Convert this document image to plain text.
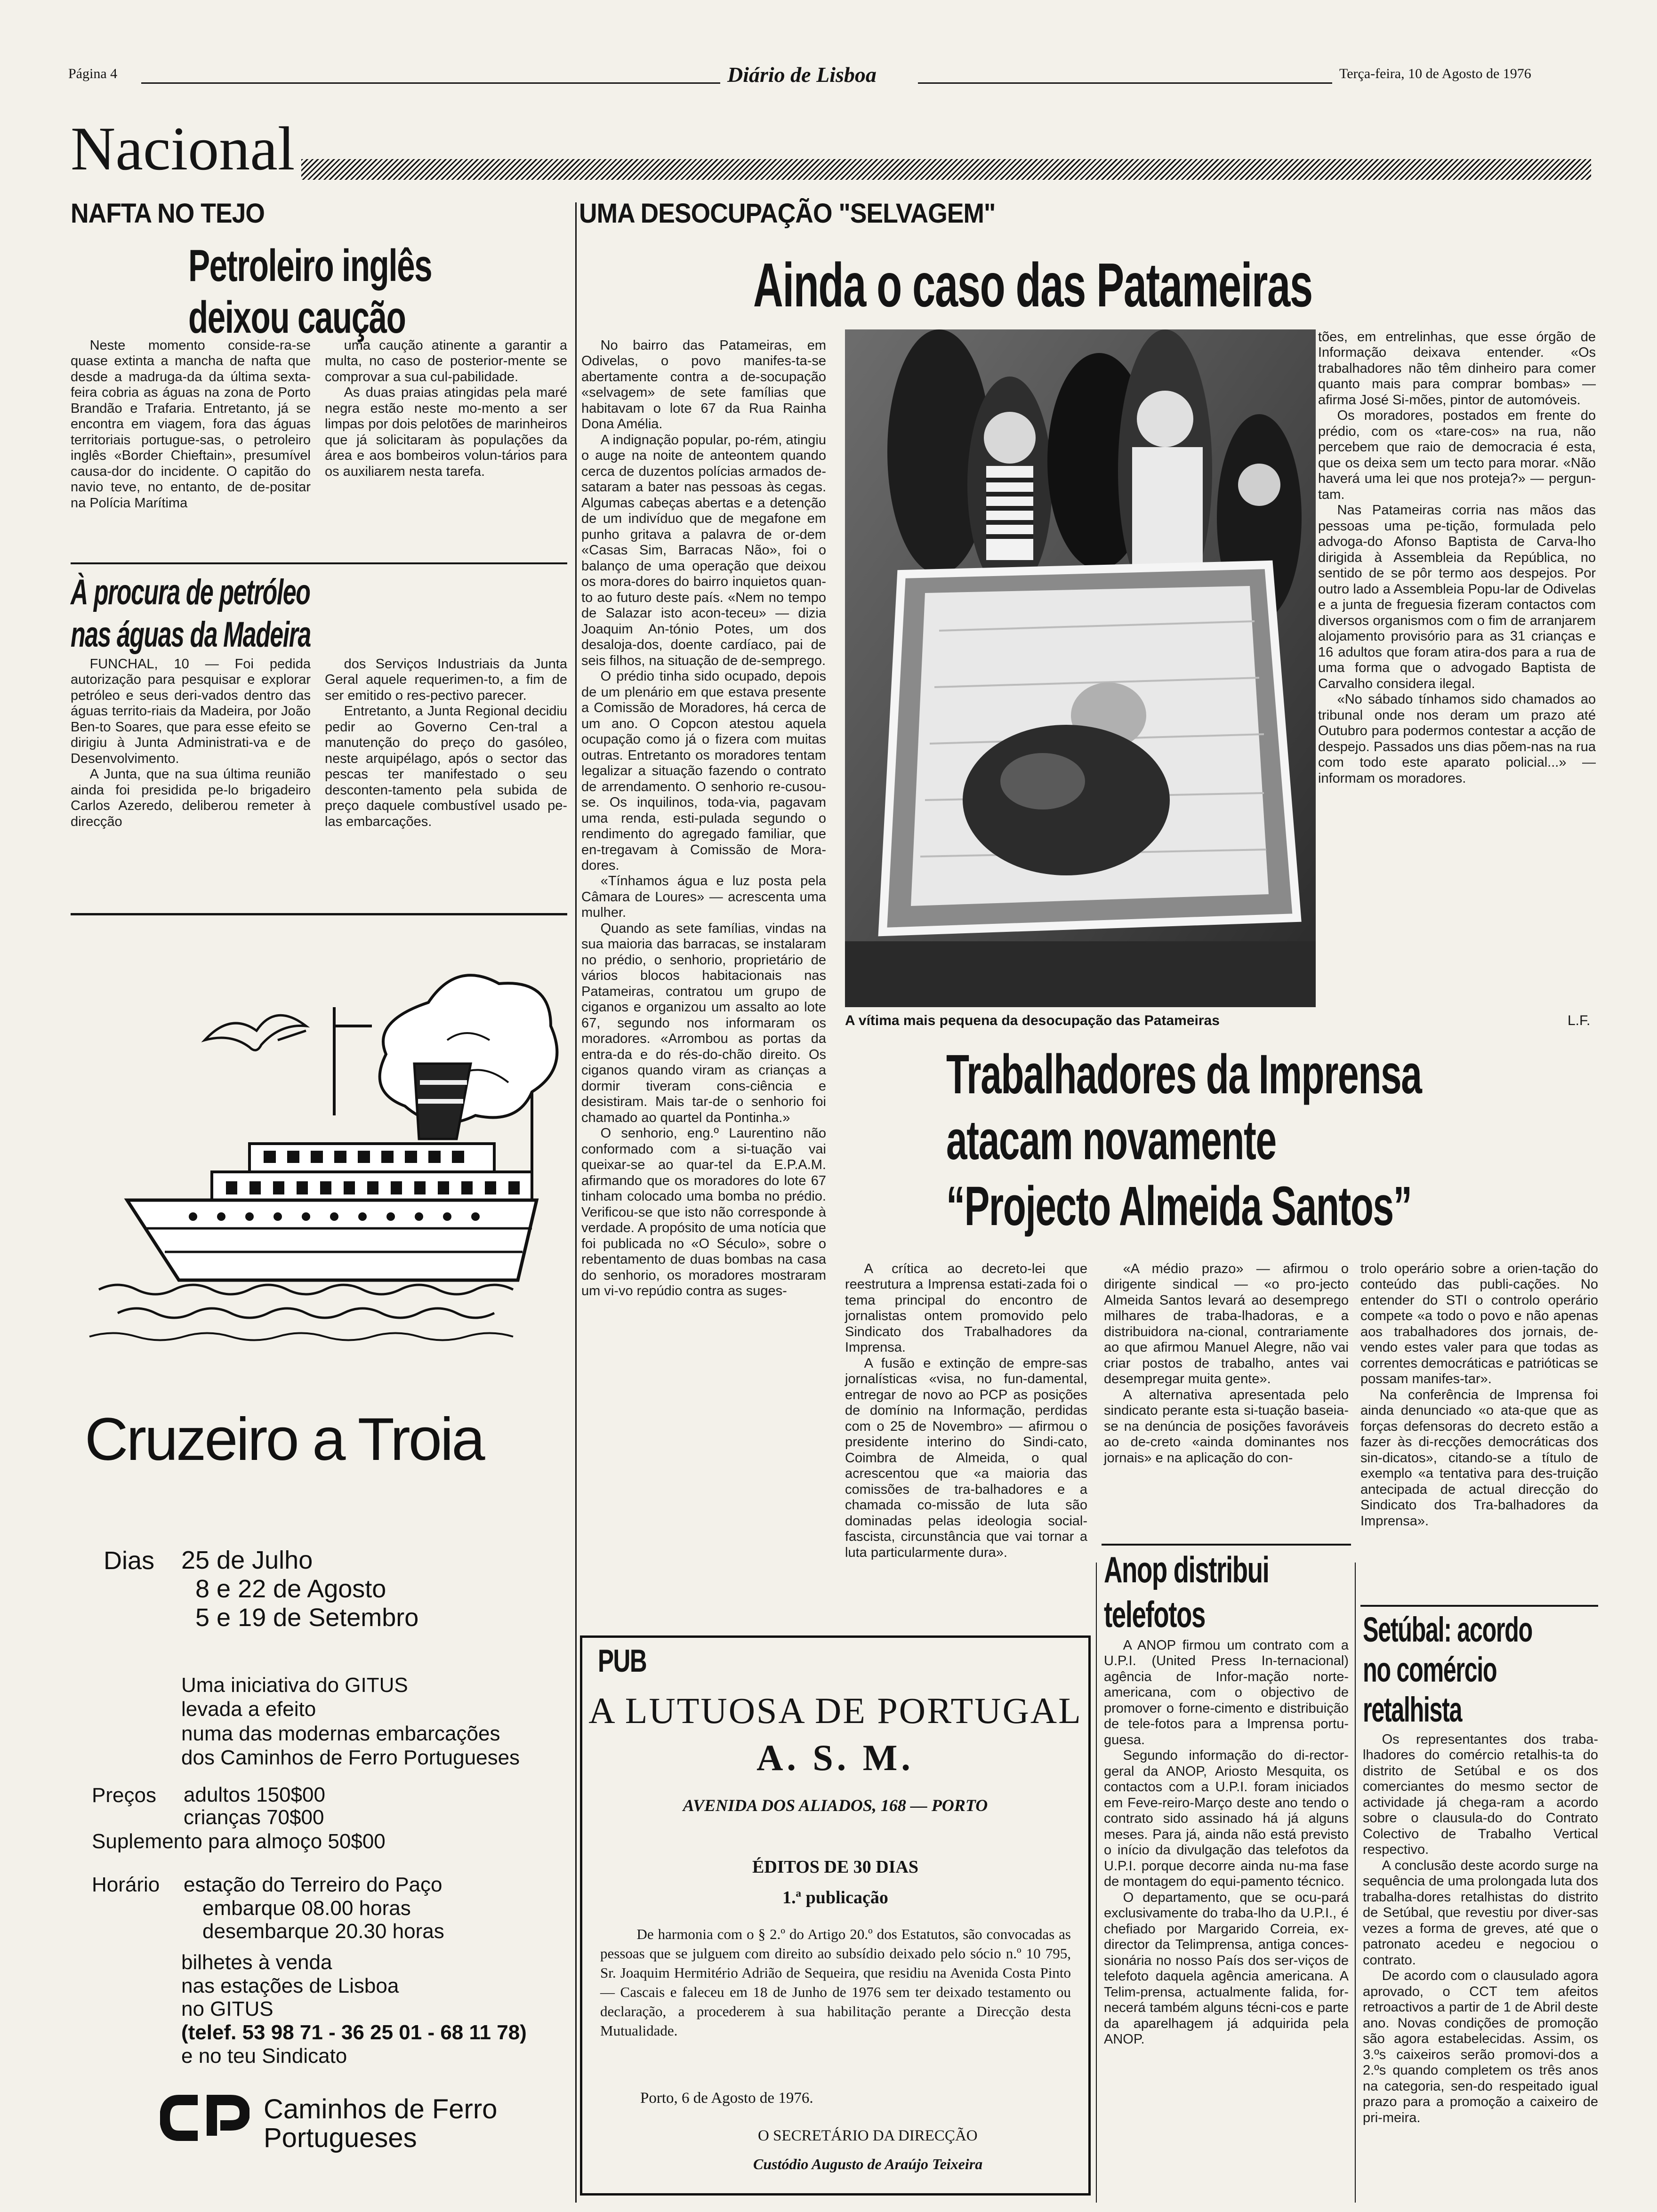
Página 4	Diário de Lisboa	Terça-feira, 10 de Agosto de 1976
Nacional
NAFTA NO TEJO
Petroleiro inglês
deixou caução

Neste momento conside-ra-se quase extinta a mancha de nafta que desde a madruga-da da última sexta-feira cobria as águas na zona de Porto Brandão e Trafaria. Entretanto, já se encontra em viagem, fora das águas territoriais portugue-sas, o petroleiro inglês «Border Chieftain», presumível causa-dor do incidente. O capitão do navio teve, no entanto, de de-positar na Polícia Marítima

uma caução atinente a garantir a multa, no caso de posterior-mente se comprovar a sua cul-pabilidade.

As duas praias atingidas pela maré negra estão neste mo-mento a ser limpas por dois pelotões de marinheiros que já solicitaram às populações da área e aos bombeiros volun-tários para os auxiliarem nesta tarefa.

À procura de petróleo
nas águas da Madeira

FUNCHAL, 10 — Foi pedida autorização para pesquisar e explorar petróleo e seus deri-vados dentro das águas territo-riais da Madeira, por João Ben-to Soares, que para esse efeito se dirigiu à Junta Administrati-va e de Desenvolvimento.

A Junta, que na sua última reunião ainda foi presidida pe-lo brigadeiro Carlos Azeredo, deliberou remeter à direcção

dos Serviços Industriais da Junta Geral aquele requerimen-to, a fim de ser emitido o res-pectivo parecer.

Entretanto, a Junta Regional decidiu pedir ao Governo Cen-tral a manutenção do preço do gasóleo, neste arquipélago, após o sector das pescas ter manifestado o seu desconten-tamento pela subida de preço daquele combustível usado pe-las embarcações.

Cruzeiro a Troia
Dias 25 de Julho
8 e 22 de Agosto
5 e 19 de Setembro
Uma iniciativa do GITUS
levada a efeito
numa das modernas embarcações
dos Caminhos de Ferro Portugueses
Preços adultos 150$00
crianças 70$00
Suplemento para almoço 50$00
Horário estação do Terreiro do Paço
embarque 08.00 horas
desembarque 20.30 horas
bilhetes à venda
nas estações de Lisboa
no GITUS
(telef. 53 98 71 - 36 25 01 - 68 11 78)
e no teu Sindicato
cp Caminhos de Ferro
Portugueses
UMA DESOCUPAÇÃO "SELVAGEM"
Ainda o caso das Patameiras

No bairro das Patameiras, em Odivelas, o povo manifes-ta-se abertamente contra a de-socupação «selvagem» de sete famílias que habitavam o lote 67 da Rua Rainha Dona Amélia.

A indignação popular, po-rém, atingiu o auge na noite de anteontem quando cerca de duzentos polícias armados de-sataram a bater nas pessoas às cegas. Algumas cabeças abertas e a detenção de um indivíduo que de megafone em punho gritava a palavra de or-dem «Casas Sim, Barracas Não», foi o balanço de uma operação que deixou os mora-dores do bairro inquietos quan-to ao futuro deste país. «Nem no tempo de Salazar isto acon-teceu» — dizia Joaquim An-tónio Potes, um dos desaloja-dos, doente cardíaco, pai de seis filhos, na situação de de-semprego.

O prédio tinha sido ocupado, depois de um plenário em que estava presente a Comissão de Moradores, há cerca de um ano. O Copcon atestou aquela ocupação como já o fizera com muitas outras. Entretanto os moradores tentam legalizar a situação fazendo o contrato de arrendamento. O senhorio re-cusou-se. Os inquilinos, toda-via, pagavam uma renda, esti-pulada segundo o rendimento do agregado familiar, que en-tregavam à Comissão de Mora-dores.

«Tínhamos água e luz posta pela Câmara de Loures» — acrescenta uma mulher.

Quando as sete famílias, vindas na sua maioria das barracas, se instalaram no prédio, o senhorio, proprietário de vários blocos habitacionais nas Patameiras, contratou um grupo de ciganos e organizou um assalto ao lote 67, segundo nos informaram os moradores. «Arrombou as portas da entra-da e do rés-do-chão direito. Os ciganos quando viram as crianças a dormir tiveram cons-ciência e desistiram. Mais tar-de o senhorio foi chamado ao quartel da Pontinha.»

O senhorio, eng.º Laurentino não conformado com a si-tuação vai queixar-se ao quar-tel da E.P.A.M. afirmando que os moradores do lote 67 tinham colocado uma bomba no prédio. Verificou-se que isto não corresponde à verdade. A propósito de uma notícia que foi publicada no «O Século», sobre o rebentamento de duas bombas na casa do senhorio, os moradores mostraram um vi-vo repúdio contra as suges-

tões, em entrelinhas, que esse órgão de Informação deixava entender. «Os trabalhadores não têm dinheiro para comer quanto mais para comprar bombas» — afirma José Si-mões, pintor de automóveis.

Os moradores, postados em frente do prédio, com os «tare-cos» na rua, não percebem que raio de democracia é esta, que os deixa sem um tecto para morar. «Não haverá uma lei que nos proteja?» — pergun-tam.

Nas Patameiras corria nas mãos das pessoas uma pe-tição, formulada pelo advoga-do Afonso Baptista de Carva-lho dirigida à Assembleia da República, no sentido de se pôr termo aos despejos. Por outro lado a Assembleia Popu-lar de Odivelas e a junta de freguesia fizeram contactos com diversos organismos com o fim de arranjarem alojamento provisório para as 31 crianças e 16 adultos que foram atira-dos para a rua de uma forma que o advogado Baptista de Carvalho considera ilegal.

«No sábado tínhamos sido chamados ao tribunal onde nos deram um prazo até Outubro para podermos contestar a acção de despejo. Passados uns dias põem-nas na rua com todo este aparato policial...» — informam os moradores.

A vítima mais pequena da desocupação das Patameiras	L.F.
Trabalhadores da Imprensa
atacam novamente
“Projecto Almeida Santos”

A crítica ao decreto-lei que reestrutura a Imprensa estati-zada foi o tema principal do encontro de jornalistas ontem promovido pelo Sindicato dos Trabalhadores da Imprensa.

A fusão e extinção de empre-sas jornalísticas «visa, no fun-damental, entregar de novo ao PCP as posições de domínio na Informação, perdidas com o 25 de Novembro» — afirmou o presidente interino do Sindi-cato, Coimbra de Almeida, o qual acrescentou que «a maioria das comissões de tra-balhadores e a chamada co-missão de luta são dominadas pelas ideologia social-fascista, circunstância que vai tornar a luta particularmente dura».

«A médio prazo» — afirmou o dirigente sindical — «o pro-jecto Almeida Santos levará ao desemprego milhares de traba-lhadoras, e a distribuidora na-cional, contrariamente ao que afirmou Manuel Alegre, não vai criar postos de trabalho, antes vai desempregar muita gente».

A alternativa apresentada pelo sindicato perante esta si-tuação baseia-se na denúncia de posições favoráveis ao de-creto «ainda dominantes nos jornais» e na aplicação do con-

trolo operário sobre a orien-tação do conteúdo das publi-cações. No entender do STI o controlo operário compete «a todo o povo e não apenas aos trabalhadores dos jornais, de-vendo estes valer para que todas as correntes democráticas e patrióticas se possam manifes-tar».

Na conferência de Imprensa foi ainda denunciado «o ata-que que as forças defensoras do decreto estão a fazer às di-recções democráticas dos sin-dicatos», citando-se a título de exemplo «a tentativa para des-truição antecipada de actual direcção do Sindicato dos Tra-balhadores da Imprensa».

Anop distribui
telefotos

A ANOP firmou um contrato com a U.P.I. (United Press In-ternacional) agência de Infor-mação norte-americana, com o objectivo de promover o forne-cimento e distribuição de tele-fotos para a Imprensa portu-guesa.

Segundo informação do di-rector-geral da ANOP, Ariosto Mesquita, os contactos com a U.P.I. foram iniciados em Feve-reiro-Março deste ano tendo o contrato sido assinado há já alguns meses. Para já, ainda não está previsto o início da divulgação das telefotos da U.P.I. porque decorre ainda nu-ma fase de montagem do equi-pamento técnico.

O departamento, que se ocu-pará exclusivamente do traba-lho da U.P.I., é chefiado por Margarido Correia, ex-director da Telimprensa, antiga conces-sionária no nosso País dos ser-viços de telefoto daquela agência americana. A Telim-prensa, actualmente falida, for-necerá também alguns técni-cos e parte da aparelhagem já adquirida pela ANOP.

Setúbal: acordo
no comércio
retalhista

Os representantes dos traba-lhadores do comércio retalhis-ta do distrito de Setúbal e os dos comerciantes do mesmo sector de actividade já chega-ram a acordo sobre o clausula-do do Contrato Colectivo de Trabalho Vertical respectivo.

A conclusão deste acordo surge na sequência de uma prolongada luta dos trabalha-dores retalhistas do distrito de Setúbal, que revestiu por diver-sas vezes a forma de greves, até que o patronato acedeu e negociou o contrato.

De acordo com o clausulado agora aprovado, o CCT tem afeitos retroactivos a partir de 1 de Abril deste ano. Novas condições de promoção são agora estabelecidas. Assim, os 3.ºs caixeiros serão promovi-dos a 2.ºs quando completem os três anos na categoria, sen-do respeitado igual prazo para a promoção a caixeiro de pri-meira.

PUB
A LUTUOSA DE PORTUGAL
A. S. M.
AVENIDA DOS ALIADOS, 168 — PORTO
ÉDITOS DE 30 DIAS
1.ª publicação
De harmonia com o § 2.º do Artigo 20.º dos Estatutos, são convocadas as pessoas que se julguem com direito ao subsídio deixado pelo sócio n.º 10 795, Sr. Joaquim Hermitério Adrião de Sequeira, que residiu na Avenida Costa Pinto — Cascais e faleceu em 18 de Junho de 1976 sem ter deixado testamento ou declaração, a procederem à sua habilitação perante a Direcção desta Mutualidade.
Porto, 6 de Agosto de 1976.
O SECRETÁRIO DA DIRECÇÃO
Custódio Augusto de Araújo Teixeira
